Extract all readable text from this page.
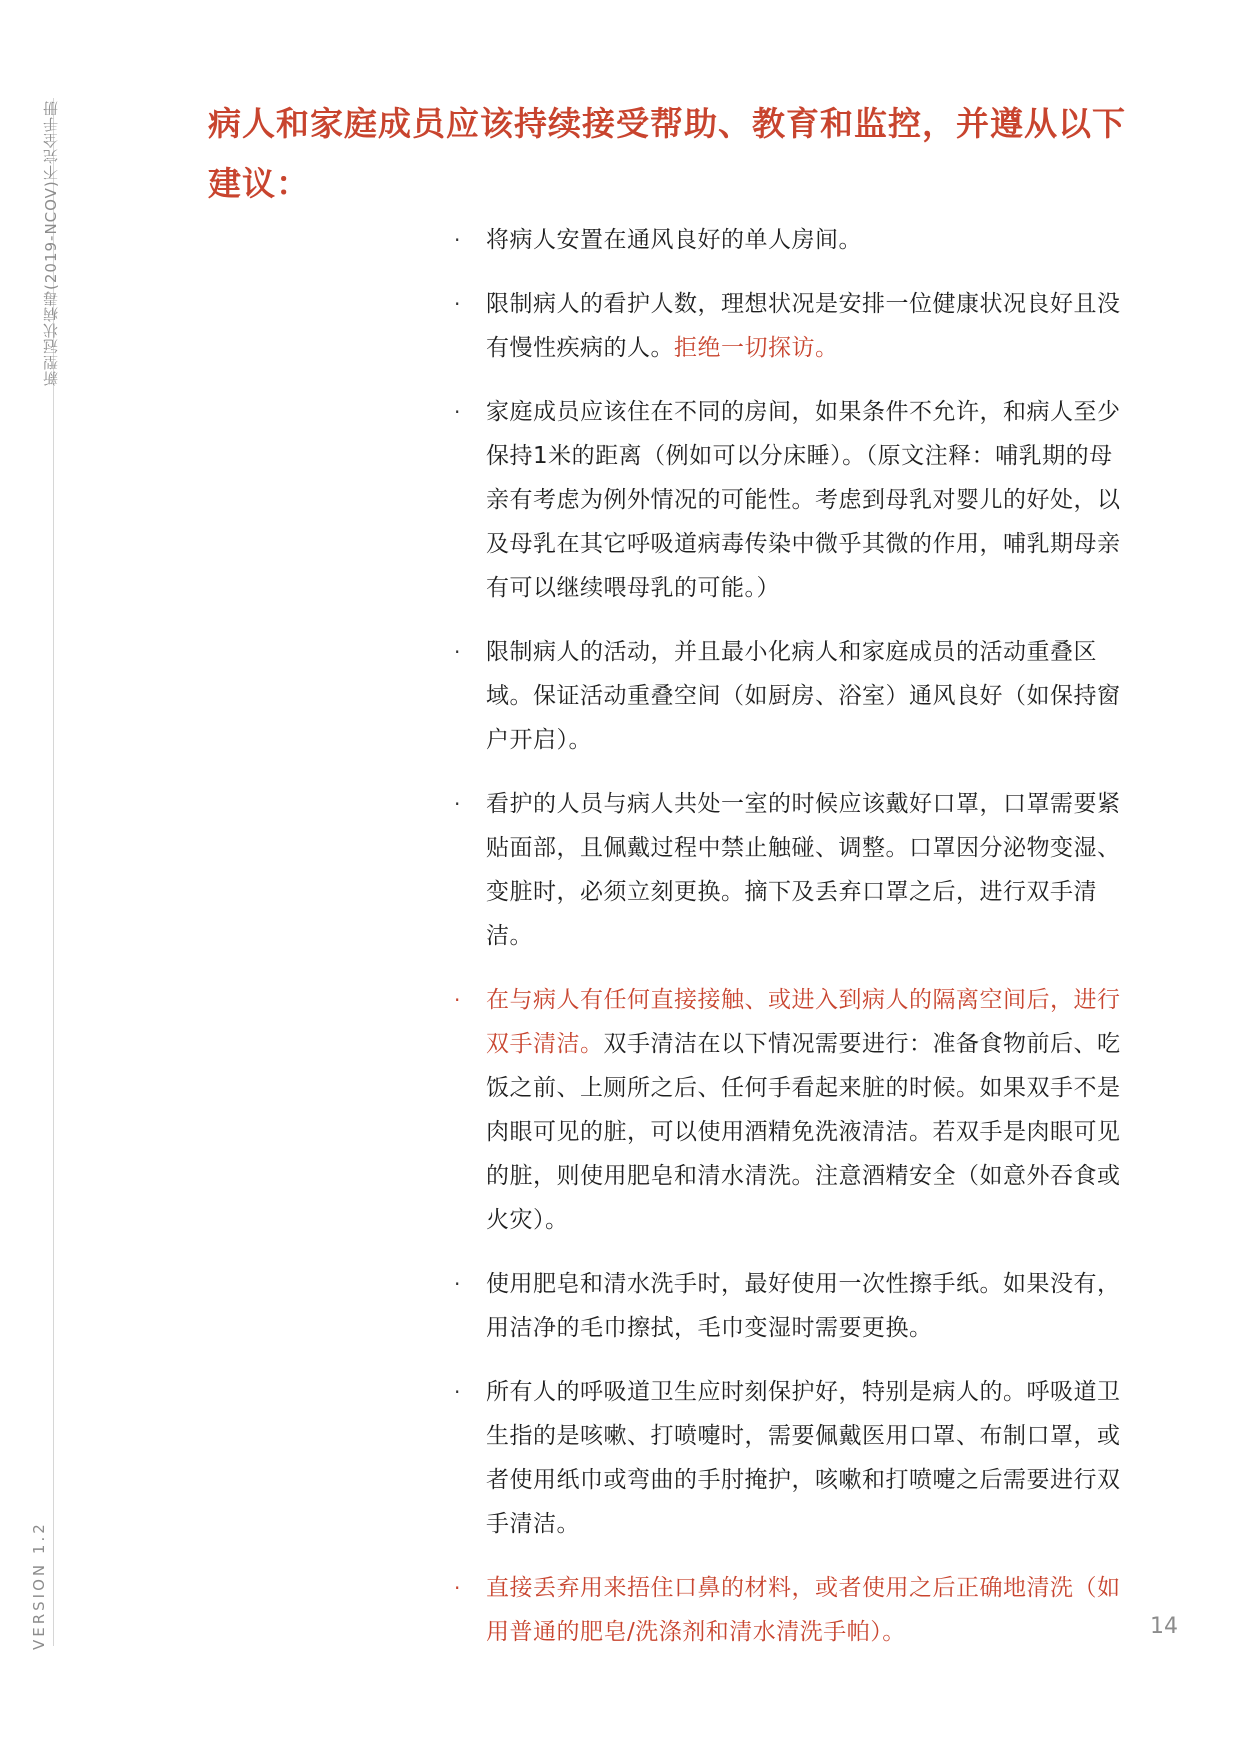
新型冠状病毒(2019-NCOV)不完全手册
VERSION 1.2
病人和家庭成员应该持续接受帮助、教育和监控，并遵从以下建议：
· 将病人安置在通风良好的单人房间。
· 限制病人的看护人数，理想状况是安排一位健康状况良好且没有慢性疾病的人。拒绝一切探访。
· 家庭成员应该住在不同的房间，如果条件不允许，和病人至少保持1米的距离（例如可以分床睡）。（原文注释：哺乳期的母亲有考虑为例外情况的可能性。考虑到母乳对婴儿的好处，以及母乳在其它呼吸道病毒传染中微乎其微的作用，哺乳期母亲有可以继续喂母乳的可能。）
· 限制病人的活动，并且最小化病人和家庭成员的活动重叠区域。保证活动重叠空间（如厨房、浴室）通风良好（如保持窗户开启）。
· 看护的人员与病人共处一室的时候应该戴好口罩，口罩需要紧贴面部，且佩戴过程中禁止触碰、调整。口罩因分泌物变湿、变脏时，必须立刻更换。摘下及丢弃口罩之后，进行双手清洁。
· 在与病人有任何直接接触、或进入到病人的隔离空间后，进行双手清洁。双手清洁在以下情况需要进行：准备食物前后、吃饭之前、上厕所之后、任何手看起来脏的时候。如果双手不是肉眼可见的脏，可以使用酒精免洗液清洁。若双手是肉眼可见的脏，则使用肥皂和清水清洗。注意酒精安全（如意外吞食或火灾）。
· 使用肥皂和清水洗手时，最好使用一次性擦手纸。如果没有，用洁净的毛巾擦拭，毛巾变湿时需要更换。
· 所有人的呼吸道卫生应时刻保护好，特别是病人的。呼吸道卫生指的是咳嗽、打喷嚏时，需要佩戴医用口罩、布制口罩，或者使用纸巾或弯曲的手肘掩护，咳嗽和打喷嚏之后需要进行双手清洁。
· 直接丢弃用来捂住口鼻的材料，或者使用之后正确地清洗（如用普通的肥皂/洗涤剂和清水清洗手帕）。	14
